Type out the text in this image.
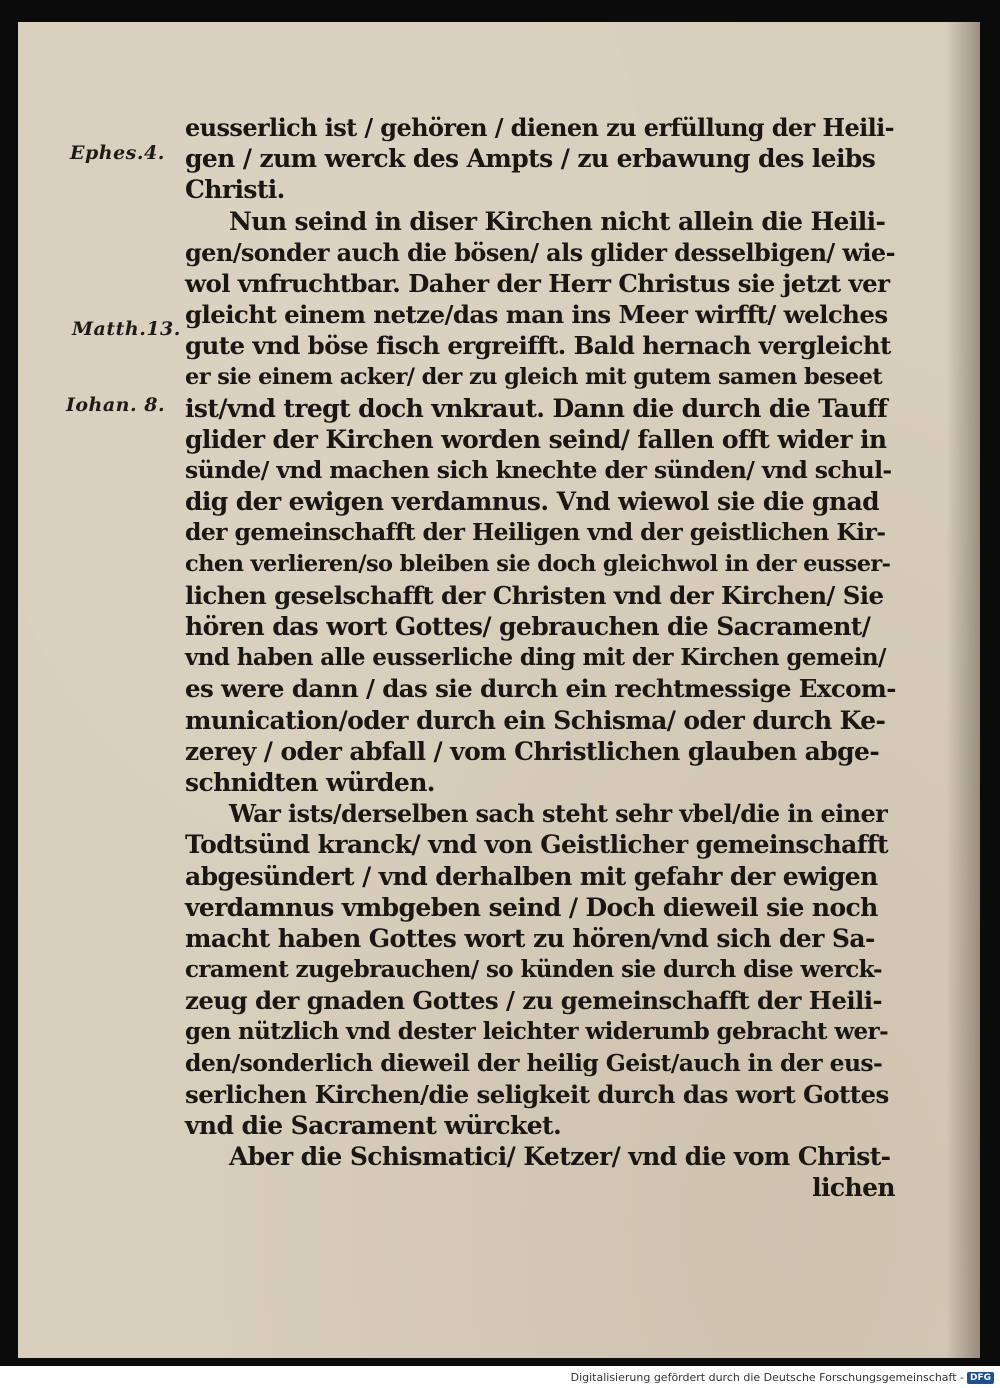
Ephes.4.
Matth.13.
Iohan. 8.
eusserlich ist / gehören / dienen zu erfüllung der Heili-
gen / zum werck des Ampts / zu erbawung des leibs
Christi.
Nun seind in diser Kirchen nicht allein die Heili-
gen/sonder auch die bösen/ als glider desselbigen/ wie-
wol vnfruchtbar. Daher der Herr Christus sie jetzt ver
gleicht einem netze/das man ins Meer wirfft/ welches
gute vnd böse fisch ergreifft. Bald hernach vergleicht
er sie einem acker/ der zu gleich mit gutem samen beseet
ist/vnd tregt doch vnkraut. Dann die durch die Tauff
glider der Kirchen worden seind/ fallen offt wider in
sünde/ vnd machen sich knechte der sünden/ vnd schul-
dig der ewigen verdamnus. Vnd wiewol sie die gnad
der gemeinschafft der Heiligen vnd der geistlichen Kir-
chen verlieren/so bleiben sie doch gleichwol in der eusser-
lichen geselschafft der Christen vnd der Kirchen/ Sie
hören das wort Gottes/ gebrauchen die Sacrament/
vnd haben alle eusserliche ding mit der Kirchen gemein/
es were dann / das sie durch ein rechtmessige Excom-
munication/oder durch ein Schisma/ oder durch Ke-
zerey / oder abfall / vom Christlichen glauben abge-
schnidten würden.
War ists/derselben sach steht sehr vbel/die in einer
Todtsünd kranck/ vnd von Geistlicher gemeinschafft
abgesündert / vnd derhalben mit gefahr der ewigen
verdamnus vmbgeben seind / Doch dieweil sie noch
macht haben Gottes wort zu hören/vnd sich der Sa-
crament zugebrauchen/ so künden sie durch dise werck-
zeug der gnaden Gottes / zu gemeinschafft der Heili-
gen nützlich vnd dester leichter widerumb gebracht wer-
den/sonderlich dieweil der heilig Geist/auch in der eus-
serlichen Kirchen/die seligkeit durch das wort Gottes
vnd die Sacrament würcket.
Aber die Schismatici/ Ketzer/ vnd die vom Christ-
lichen
Digitalisierung gefördert durch die Deutsche Forschungsgemeinschaft - DFG
